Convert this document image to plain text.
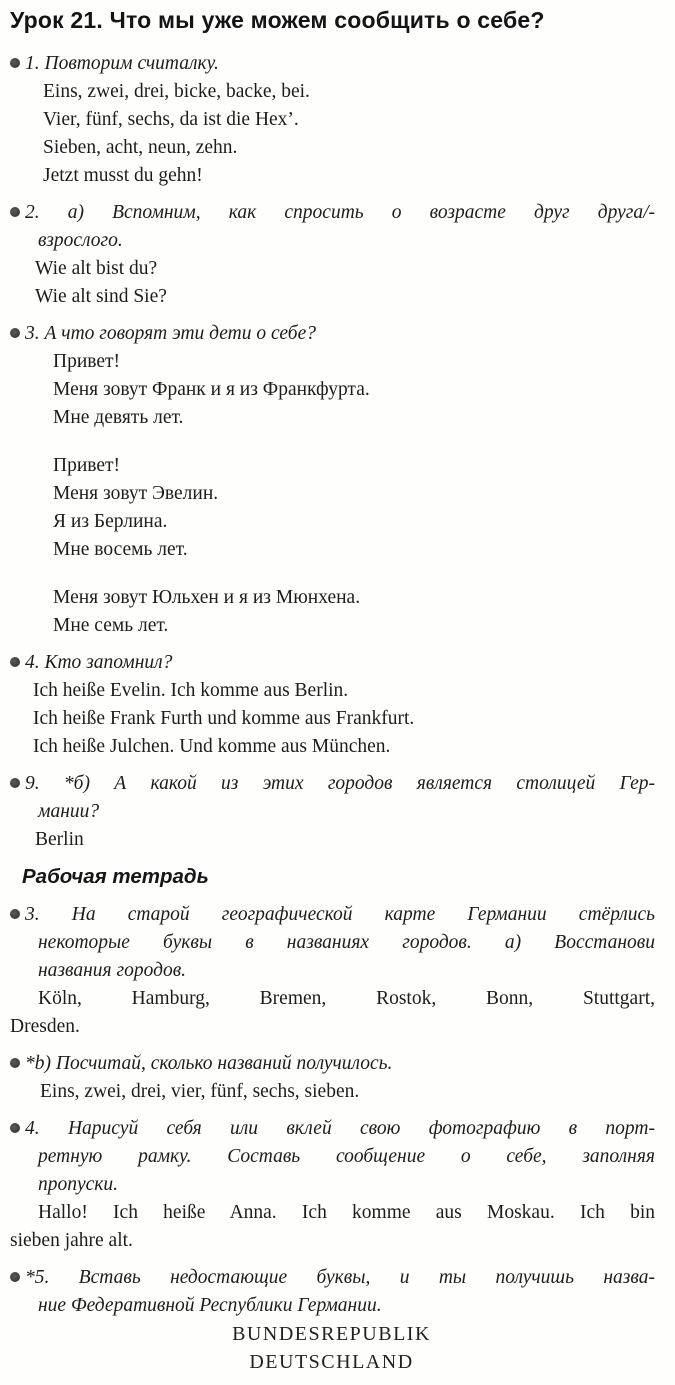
Урок 21. Что мы уже можем сообщить о себе?
1. Повторим считалку.
Eins, zwei, drei, bicke, backe, bei.
Vier, fünf, sechs, da ist die Hex’.
Sieben, acht, neun, zehn.
Jetzt musst du gehn!
2. а) Вспомним, как спросить о возрасте друг друга/-
взрослого.
Wie alt bist du?
Wie alt sind Sie?
3. А что говорят эти дети о себе?
Привет!
Меня зовут Франк и я из Франкфурта.
Мне девять лет.
Привет!
Меня зовут Эвелин.
Я из Берлина.
Мне восемь лет.
Меня зовут Юльхен и я из Мюнхена.
Мне семь лет.
4. Кто запомнил?
Ich heiße Evelin. Ich komme aus Berlin.
Ich heiße Frank Furth und komme aus Frankfurt.
Ich heiße Julchen. Und komme aus München.
9. *б) А какой из этих городов является столицей Гер-
мании?
Berlin
Рабочая тетрадь
3. На старой географической карте Германии стёрлись
некоторые буквы в названиях городов. а) Восстанови
названия городов.
Köln, Hamburg, Bremen, Rostok, Bonn, Stuttgart,
Dresden.
*b) Посчитай, сколько названий получилось.
Eins, zwei, drei, vier, fünf, sechs, sieben.
4. Нарисуй себя или вклей свою фотографию в порт-
ретную рамку. Составь сообщение о себе, заполняя
пропуски.
Hallo! Ich heiße Anna. Ich komme aus Moskau. Ich bin
sieben jahre alt.
*5. Вставь недостающие буквы, и ты получишь назва-
ние Федеративной Республики Германии.
BUNDESREPUBLIK
DEUTSCHLAND
